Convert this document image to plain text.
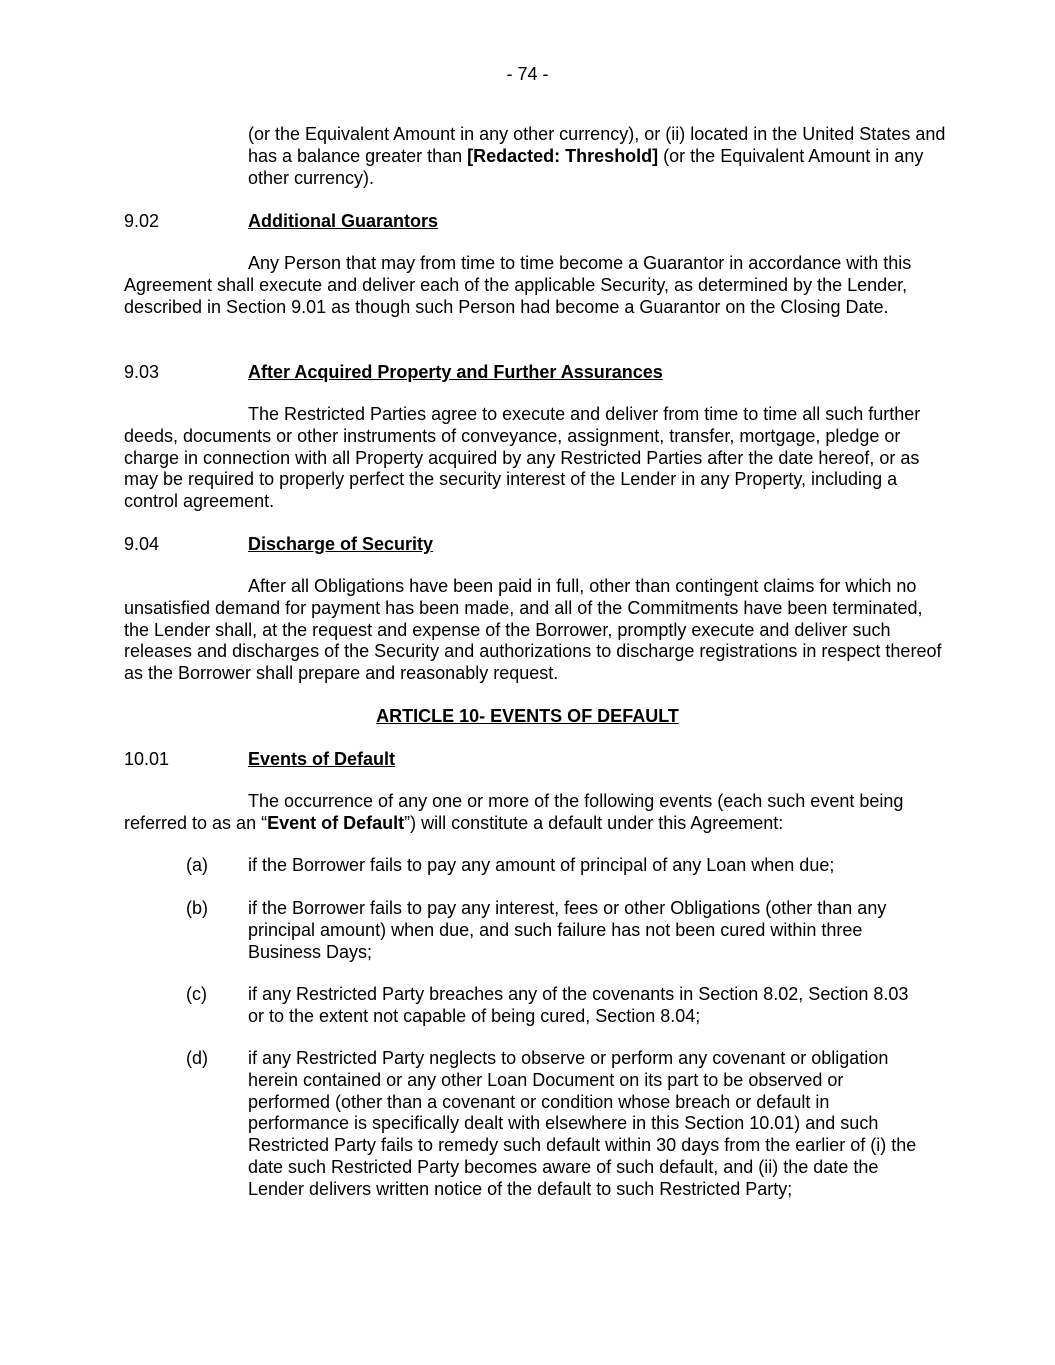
- 74 -
(or the Equivalent Amount in any other currency), or (ii) located in the United States and has a balance greater than [Redacted: Threshold] (or the Equivalent Amount in any other currency).
9.02	Additional Guarantors
Any Person that may from time to time become a Guarantor in accordance with this Agreement shall execute and deliver each of the applicable Security, as determined by the Lender, described in Section 9.01 as though such Person had become a Guarantor on the Closing Date.
9.03	After Acquired Property and Further Assurances
The Restricted Parties agree to execute and deliver from time to time all such further deeds, documents or other instruments of conveyance, assignment, transfer, mortgage, pledge or charge in connection with all Property acquired by any Restricted Parties after the date hereof, or as may be required to properly perfect the security interest of the Lender in any Property, including a control agreement.
9.04	Discharge of Security
After all Obligations have been paid in full, other than contingent claims for which no unsatisfied demand for payment has been made, and all of the Commitments have been terminated, the Lender shall, at the request and expense of the Borrower, promptly execute and deliver such releases and discharges of the Security and authorizations to discharge registrations in respect thereof as the Borrower shall prepare and reasonably request.
ARTICLE 10- EVENTS OF DEFAULT
10.01	Events of Default
The occurrence of any one or more of the following events (each such event being referred to as an “Event of Default”) will constitute a default under this Agreement:
(a) if the Borrower fails to pay any amount of principal of any Loan when due;
(b) if the Borrower fails to pay any interest, fees or other Obligations (other than any principal amount) when due, and such failure has not been cured within three Business Days;
(c) if any Restricted Party breaches any of the covenants in Section 8.02, Section 8.03 or to the extent not capable of being cured, Section 8.04;
(d) if any Restricted Party neglects to observe or perform any covenant or obligation herein contained or any other Loan Document on its part to be observed or performed (other than a covenant or condition whose breach or default in performance is specifically dealt with elsewhere in this Section 10.01) and such Restricted Party fails to remedy such default within 30 days from the earlier of (i) the date such Restricted Party becomes aware of such default, and (ii) the date the Lender delivers written notice of the default to such Restricted Party;
